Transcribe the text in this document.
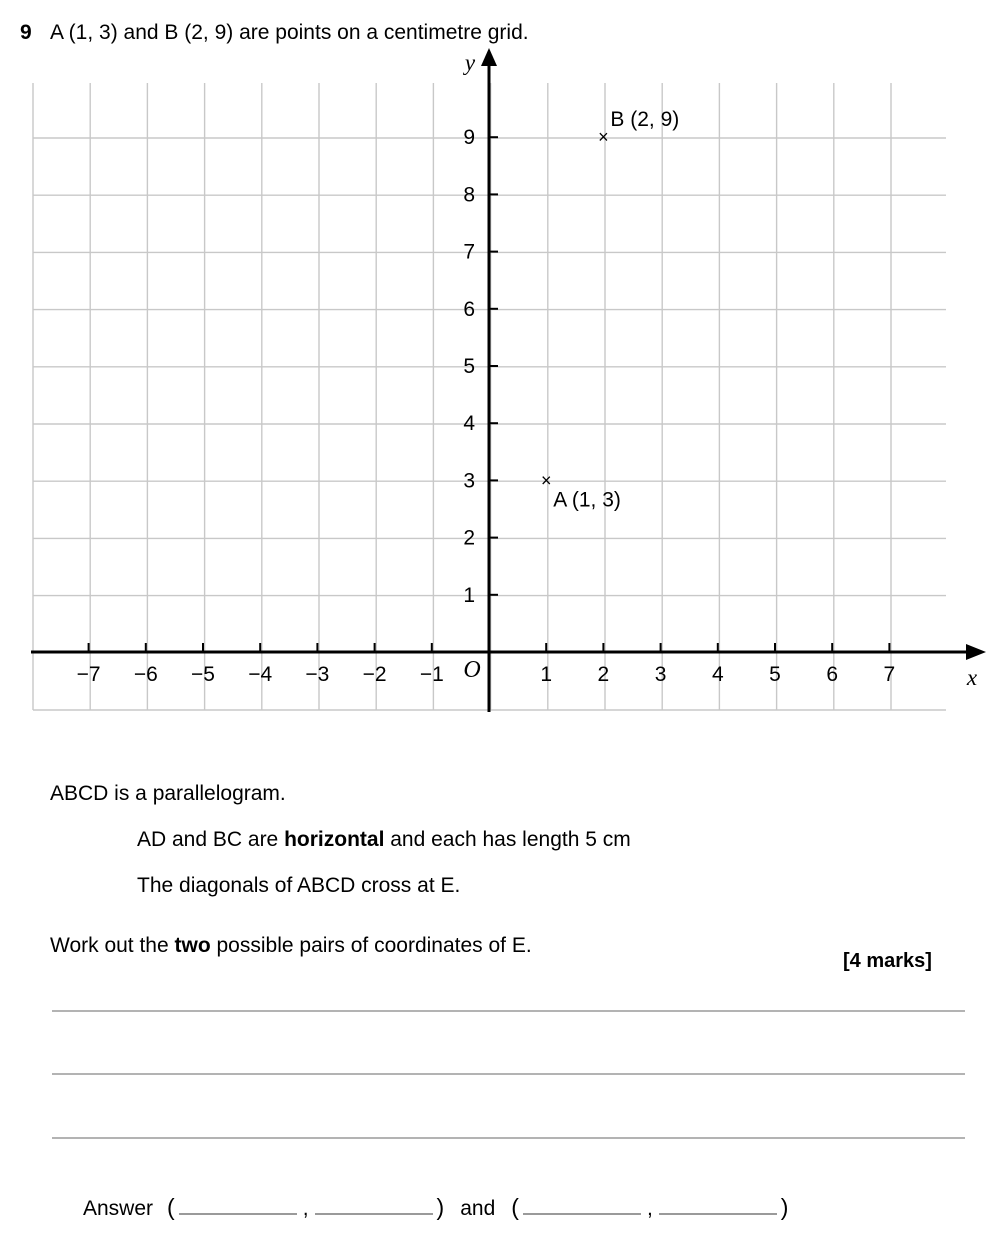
9 A (1, 3) and B (2, 9) are points on a centimetre grid.
−7 −6 −5 −4 −3 −2 −1	1 2 3 4 5 6 7
1
2
3
4
5
6
7
8
9
y
x
O
×
A (1, 3)
×
B (2, 9)
ABCD is a parallelogram.
AD and BC are horizontal and each has length 5 cm
The diagonals of ABCD cross at E.
Work out the two possible pairs of coordinates of E.
[4 marks]
Answer (	,	) and (	,	)
